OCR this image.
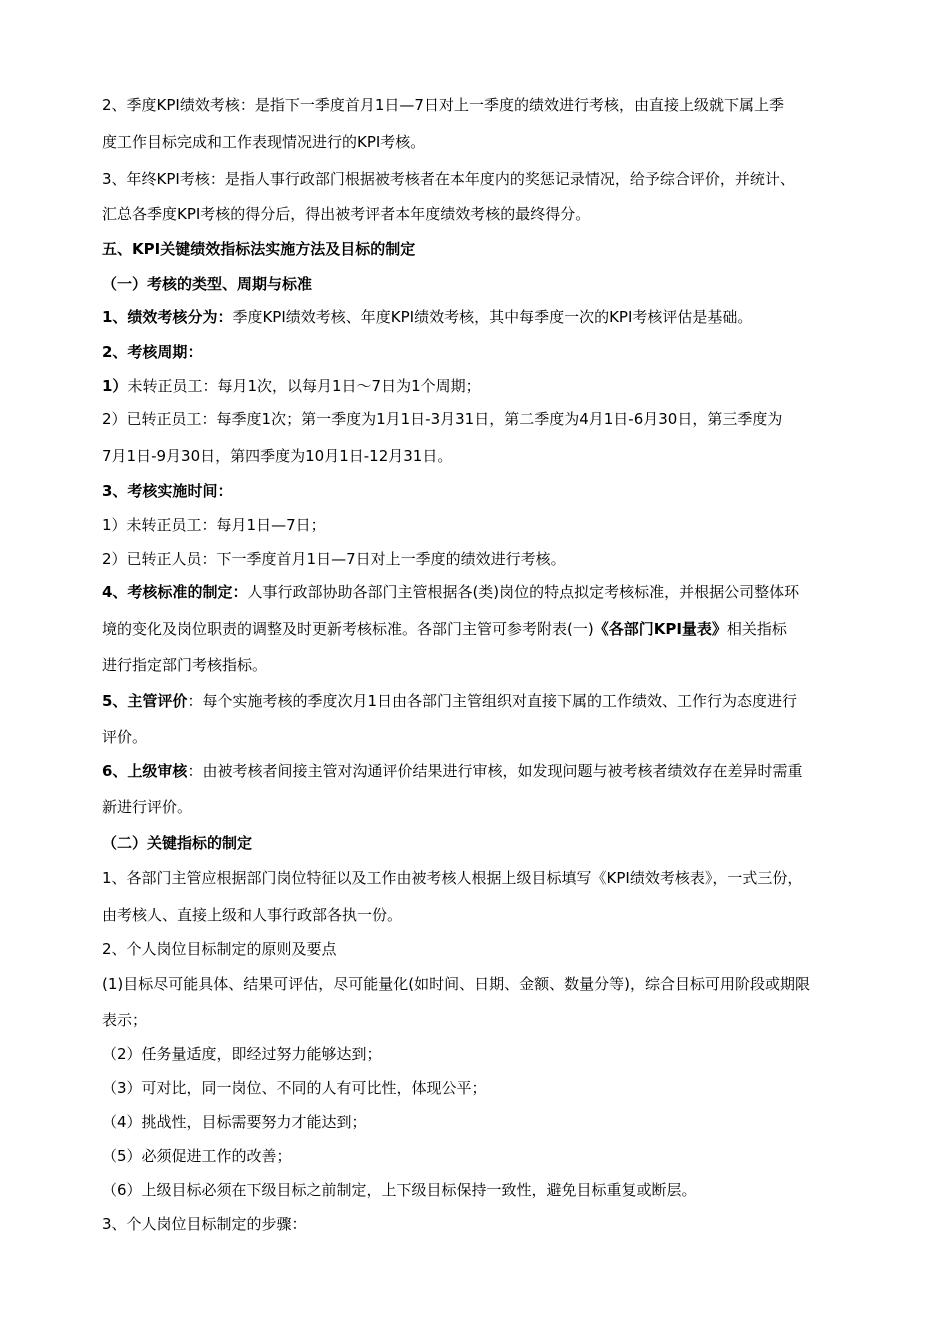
2、季度KPI绩效考核：是指下一季度首月1日—7日对上一季度的绩效进行考核，由直接上级就下属上季
度工作目标完成和工作表现情况进行的KPI考核。
3、年终KPI考核：是指人事行政部门根据被考核者在本年度内的奖惩记录情况，给予综合评价，并统计、
汇总各季度KPI考核的得分后，得出被考评者本年度绩效考核的最终得分。
五、KPI关键绩效指标法实施方法及目标的制定
（一）考核的类型、周期与标准
1、绩效考核分为：季度KPI绩效考核、年度KPI绩效考核，其中每季度一次的KPI考核评估是基础。
2、考核周期：
1）未转正员工：每月1次，以每月1日～7日为1个周期；
2）已转正员工：每季度1次；第一季度为1月1日-3月31日，第二季度为4月1日-6月30日，第三季度为
7月1日-9月30日，第四季度为10月1日-12月31日。
3、考核实施时间：
1）未转正员工：每月1日—7日；
2）已转正人员：下一季度首月1日—7日对上一季度的绩效进行考核。
4、考核标准的制定：人事行政部协助各部门主管根据各(类)岗位的特点拟定考核标准，并根据公司整体环
境的变化及岗位职责的调整及时更新考核标准。各部门主管可参考附表(一)《各部门KPI量表》相关指标
进行指定部门考核指标。
5、主管评价：每个实施考核的季度次月1日由各部门主管组织对直接下属的工作绩效、工作行为态度进行
评价。
6、上级审核：由被考核者间接主管对沟通评价结果进行审核，如发现问题与被考核者绩效存在差异时需重
新进行评价。
（二）关键指标的制定
1、各部门主管应根据部门岗位特征以及工作由被考核人根据上级目标填写《KPI绩效考核表》，一式三份，
由考核人、直接上级和人事行政部各执一份。
2、个人岗位目标制定的原则及要点
(1)目标尽可能具体、结果可评估，尽可能量化(如时间、日期、金额、数量分等)，综合目标可用阶段或期限
表示；
（2）任务量适度，即经过努力能够达到；
（3）可对比，同一岗位、不同的人有可比性，体现公平；
（4）挑战性，目标需要努力才能达到；
（5）必须促进工作的改善；
（6）上级目标必须在下级目标之前制定，上下级目标保持一致性，避免目标重复或断层。
3、个人岗位目标制定的步骤：
